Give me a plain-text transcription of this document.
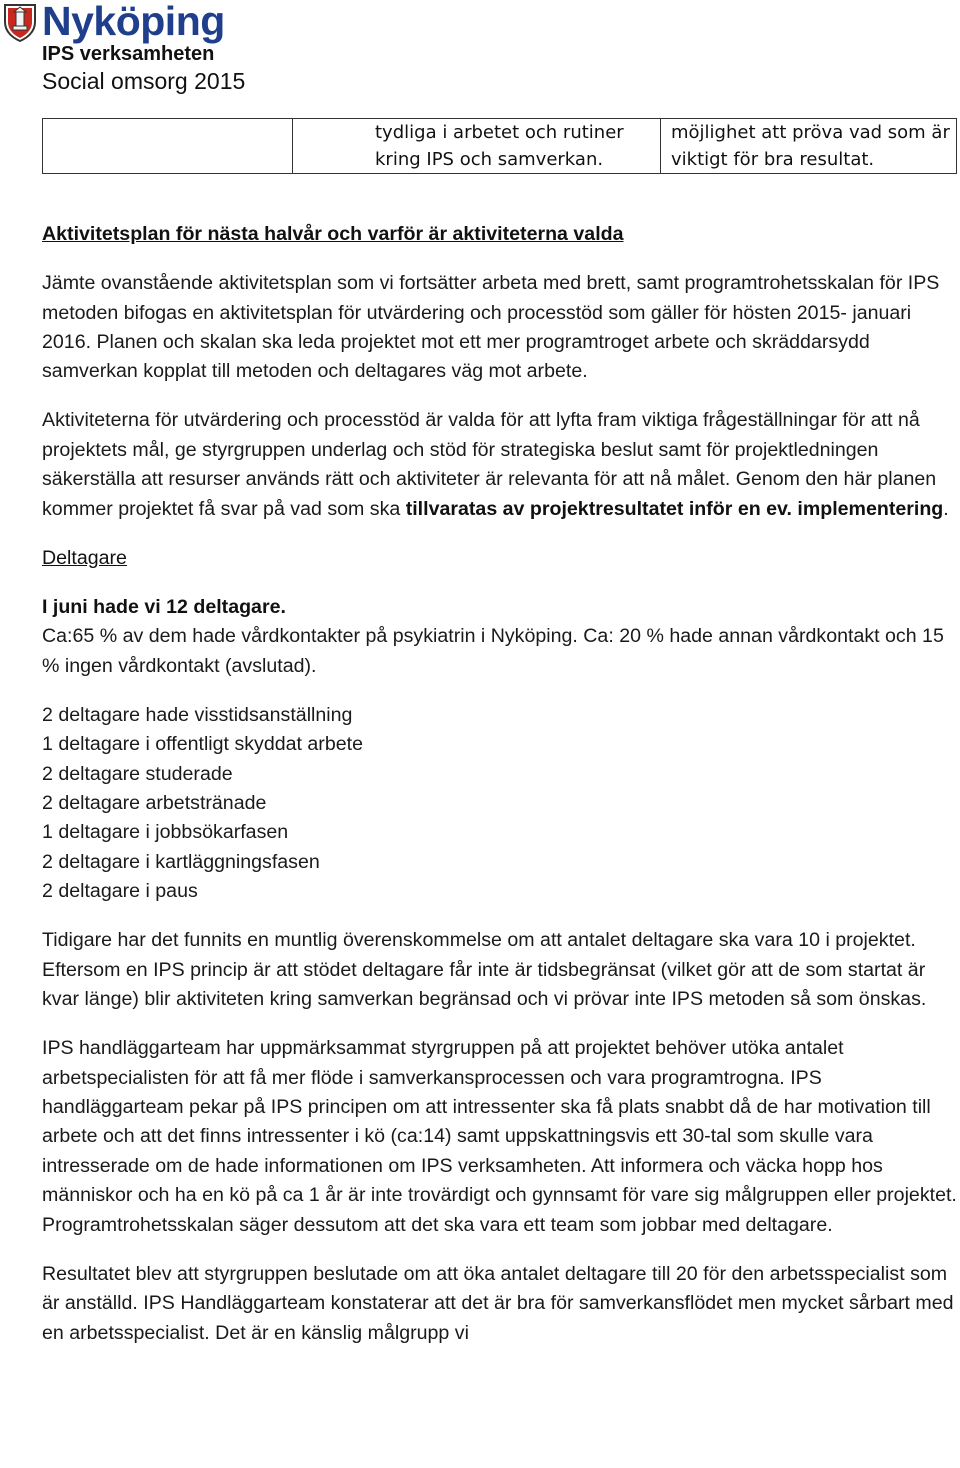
Nyköping
IPS verksamheten
Social omsorg 2015
	tydliga i arbetet och rutiner kring IPS och samverkan.	möjlighet att pröva vad som är viktigt för bra resultat.
Aktivitetsplan för nästa halvår och varför är aktiviteterna valda

Jämte ovanstående aktivitetsplan som vi fortsätter arbeta med brett, samt programtrohetsskalan för IPS metoden bifogas en aktivitetsplan för utvärdering och processtöd som gäller för hösten 2015- januari 2016. Planen och skalan ska leda projektet mot ett mer programtroget arbete och skräddarsydd samverkan kopplat till metoden och deltagares väg mot arbete.

Aktiviteterna för utvärdering och processtöd är valda för att lyfta fram viktiga frågeställningar för att nå projektets mål, ge styrgruppen underlag och stöd för strategiska beslut samt för projektledningen säkerställa att resurser används rätt och aktiviteter är relevanta för att nå målet. Genom den här planen kommer projektet få svar på vad som ska tillvaratas av projektresultatet inför en ev. implementering.

Deltagare

I juni hade vi 12 deltagare.
Ca:65 % av dem hade vårdkontakter på psykiatrin i Nyköping. Ca: 20 % hade annan vårdkontakt och 15 % ingen vårdkontakt (avslutad).

2 deltagare hade visstidsanställning
1 deltagare i offentligt skyddat arbete
2 deltagare studerade
2 deltagare arbetstränade
1 deltagare i jobbsökarfasen
2 deltagare i kartläggningsfasen
2 deltagare i paus

Tidigare har det funnits en muntlig överenskommelse om att antalet deltagare ska vara 10 i projektet. Eftersom en IPS princip är att stödet deltagare får inte är tidsbegränsat (vilket gör att de som startat är kvar länge) blir aktiviteten kring samverkan begränsad och vi prövar inte IPS metoden så som önskas.

IPS handläggarteam har uppmärksammat styrgruppen på att projektet behöver utöka antalet arbetspecialisten för att få mer flöde i samverkansprocessen och vara programtrogna. IPS handläggarteam pekar på IPS principen om att intressenter ska få plats snabbt då de har motivation till arbete och att det finns intressenter i kö (ca:14) samt uppskattningsvis ett 30-tal som skulle vara intresserade om de hade informationen om IPS verksamheten. Att informera och väcka hopp hos människor och ha en kö på ca 1 år är inte trovärdigt och gynnsamt för vare sig målgruppen eller projektet. Programtrohetsskalan säger dessutom att det ska vara ett team som jobbar med deltagare.

Resultatet blev att styrgruppen beslutade om att öka antalet deltagare till 20 för den arbetsspecialist som är anställd. IPS Handläggarteam konstaterar att det är bra för samverkansflödet men mycket sårbart med en arbetsspecialist. Det är en känslig målgrupp vi
